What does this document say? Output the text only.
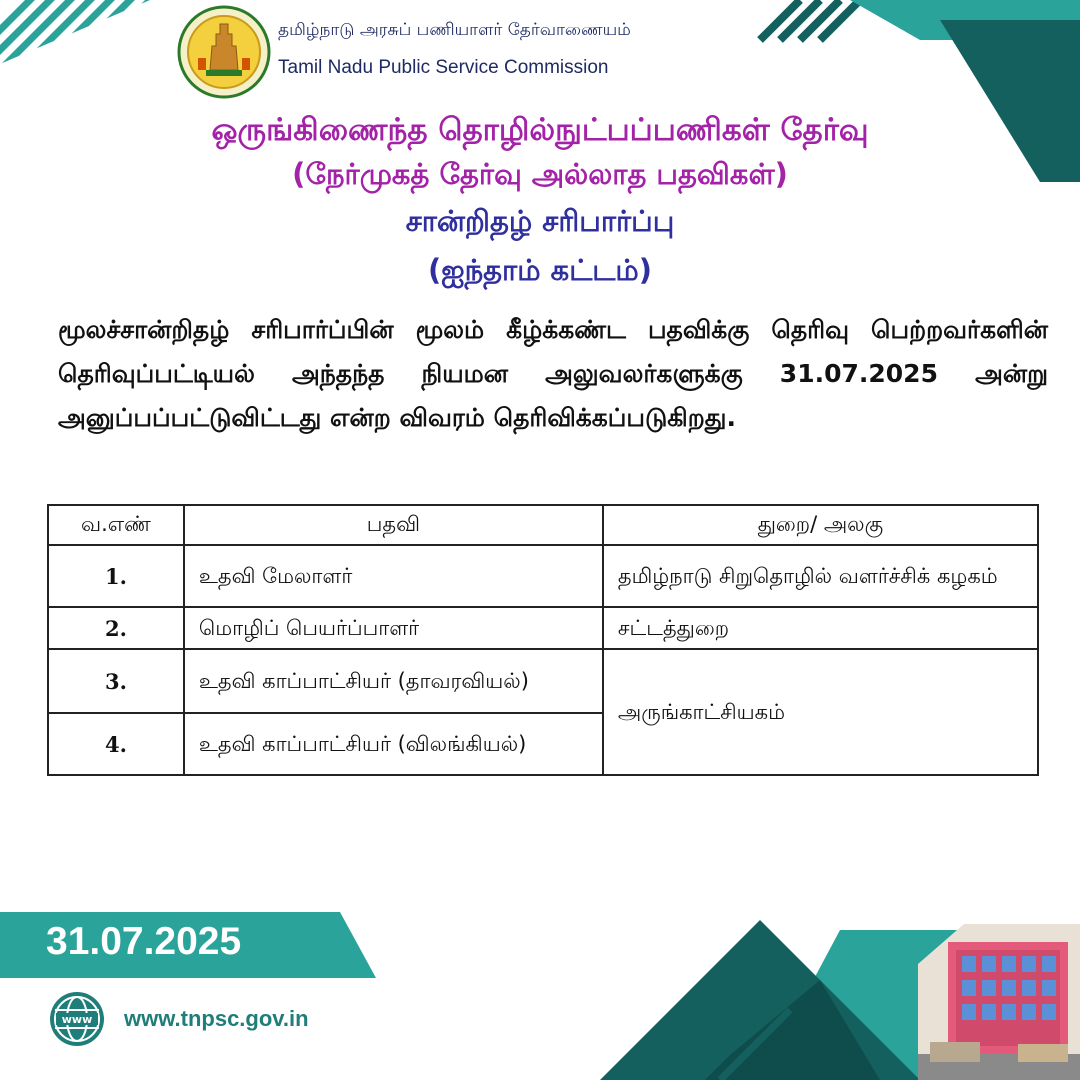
தமிழ்நாடு அரசுப் பணியாளர் தேர்வாணையம்
Tamil Nadu Public Service Commission
ஒருங்கிணைந்த தொழில்நுட்பப்பணிகள் தேர்வு
(நேர்முகத் தேர்வு அல்லாத பதவிகள்)
சான்றிதழ் சரிபார்ப்பு
(ஐந்தாம் கட்டம்)
மூலச்சான்றிதழ் சரிபார்ப்பின் மூலம் கீழ்க்கண்ட பதவிக்கு தெரிவு பெற்றவர்களின் தெரிவுப்பட்டியல் அந்தந்த நியமன அலுவலர்களுக்கு 31.07.2025 அன்று அனுப்பப்பட்டுவிட்டது என்ற விவரம் தெரிவிக்கப்படுகிறது.
வ.எண்	பதவி	துறை/ அலகு
1.	உதவி மேலாளர்	தமிழ்நாடு சிறுதொழில் வளர்ச்சிக் கழகம்
2.	மொழிப் பெயர்ப்பாளர்	சட்டத்துறை
3.	உதவி காப்பாட்சியர் (தாவரவியல்)	அருங்காட்சியகம்
4.	உதவி காப்பாட்சியர் (விலங்கியல்)	
31.07.2025
www www.tnpsc.gov.in
